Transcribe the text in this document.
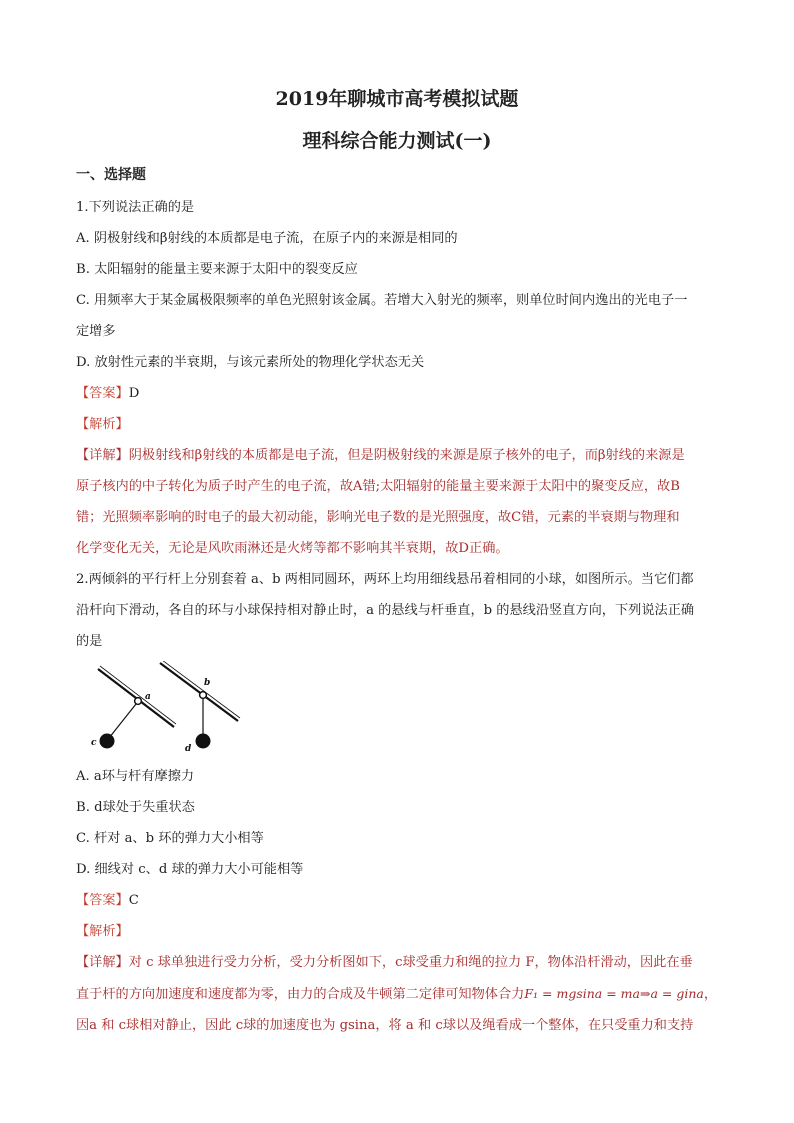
2019年聊城市高考模拟试题
理科综合能力测试(一)
一、选择题

1.下列说法正确的是

A. 阴极射线和β射线的本质都是电子流，在原子内的来源是相同的

B. 太阳辐射的能量主要来源于太阳中的裂变反应

C. 用频率大于某金属极限频率的单色光照射该金属。若增大入射光的频率，则单位时间内逸出的光电子一

定增多

D. 放射性元素的半衰期，与该元素所处的物理化学状态无关

【答案】D

【解析】

【详解】阴极射线和β射线的本质都是电子流，但是阴极射线的来源是原子核外的电子，而β射线的来源是

原子核内的中子转化为质子时产生的电子流，故A错;太阳辐射的能量主要来源于太阳中的聚变反应，故B

错；光照频率影响的时电子的最大初动能，影响光电子数的是光照强度，故C错，元素的半衰期与物理和

化学变化无关，无论是风吹雨淋还是火烤等都不影响其半衰期，故D正确。

2.两倾斜的平行杆上分别套着 a、b 两相同圆环，两环上均用细线悬吊着相同的小球，如图所示。当它们都

沿杆向下滑动，各自的环与小球保持相对静止时，a 的悬线与杆垂直，b 的悬线沿竖直方向，下列说法正确

的是

a
c
b
d

A. a环与杆有摩擦力

B. d球处于失重状态

C. 杆对 a、b 环的弹力大小相等

D. 细线对 c、d 球的弹力大小可能相等

【答案】C

【解析】

【详解】对 c 球单独进行受力分析，受力分析图如下，c球受重力和绳的拉力 F，物体沿杆滑动，因此在垂

直于杆的方向加速度和速度都为零，由力的合成及牛顿第二定律可知物体合力F₁ = mgsina = ma⇒a = gina，

因a 和 c球相对静止，因此 c球的加速度也为 gsina，将 a 和 c球以及绳看成一个整体，在只受重力和支持
